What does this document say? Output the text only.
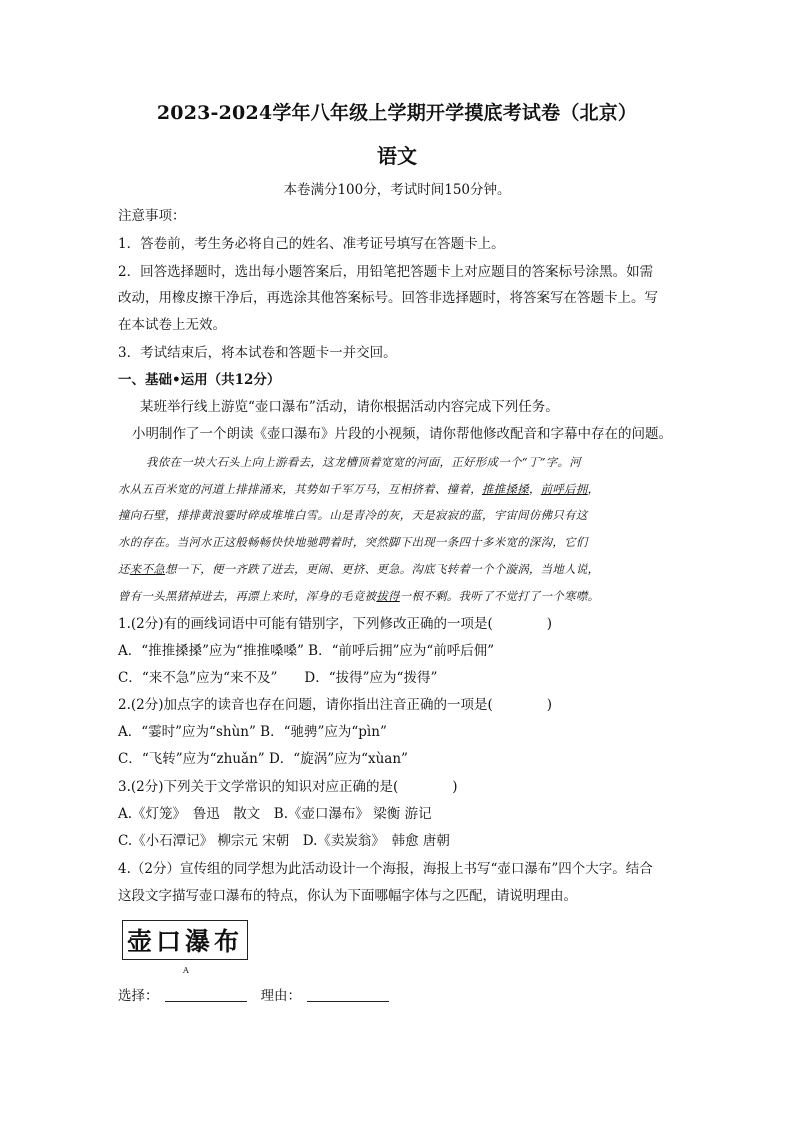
2023-2024学年八年级上学期开学摸底考试卷（北京）
语文
本卷满分100分，考试时间150分钟。
注意事项：
1．答卷前，考生务必将自己的姓名、准考证号填写在答题卡上。
2．回答选择题时，选出每小题答案后，用铅笔把答题卡上对应题目的答案标号涂黑。如需
改动，用橡皮擦干净后，再选涂其他答案标号。回答非选择题时，将答案写在答题卡上。写
在本试卷上无效。
3．考试结束后，将本试卷和答题卡一并交回。
一、基础•运用（共12分）
某班举行线上游览“壶口瀑布”活动，请你根据活动内容完成下列任务。
小明制作了一个朗读《壶口瀑布》片段的小视频，请你帮他修改配音和字幕中存在的问题。
我依在一块大石头上向上游看去，这龙槽顶着宽宽的河面，正好形成一个“丁”字。河
水从五百米宽的河道上排排涌来，其势如千军万马，互相挤着、撞着，推推搡搡，前呼后拥，
撞向石壁，排排黄浪霎时碎成堆堆白雪。山是青冷的灰，天是寂寂的蓝，宇宙间仿佛只有这
水的存在。当河水正这般畅畅快快地驰聘着时，突然脚下出现一条四十多米宽的深沟，它们
还来不急想一下，便一齐跌了进去，更闹、更挤、更急。沟底飞转着一个个漩涡，当地人说，
曾有一头黑猪掉进去，再漂上来时，浑身的毛竟被拔得一根不剩。我听了不觉打了一个寒噤。
1.(2分)有的画线词语中可能有错别字，下列修改正确的一项是(　　　　)
A．“推推搡搡”应为“推推嗓嗓” B．“前呼后拥”应为“前呼后佣”
C．“来不急”应为“来不及”　　D．“拔得”应为“拨得”
2.(2分)加点字的读音也存在问题，请你指出注音正确的一项是(　　　　)
A．“霎时”应为“shùn” B．“驰骋”应为“pìn”
C．“飞转”应为“zhuǎn” D．“旋涡”应为“xùan”
3.(2分)下列关于文学常识的知识对应正确的是(　　　　)
A.《灯笼》　鲁迅　散文　B.《壶口瀑布》 梁衡 游记
C.《小石潭记》 柳宗元 宋朝　D.《卖炭翁》　韩愈 唐朝
4.（2分）宣传组的同学想为此活动设计一个海报，海报上书写“壶口瀑布”四个大字。结合
这段文字描写壶口瀑布的特点，你认为下面哪幅字体与之匹配，请说明理由。
壶口瀑布
A
选择：	理由：
